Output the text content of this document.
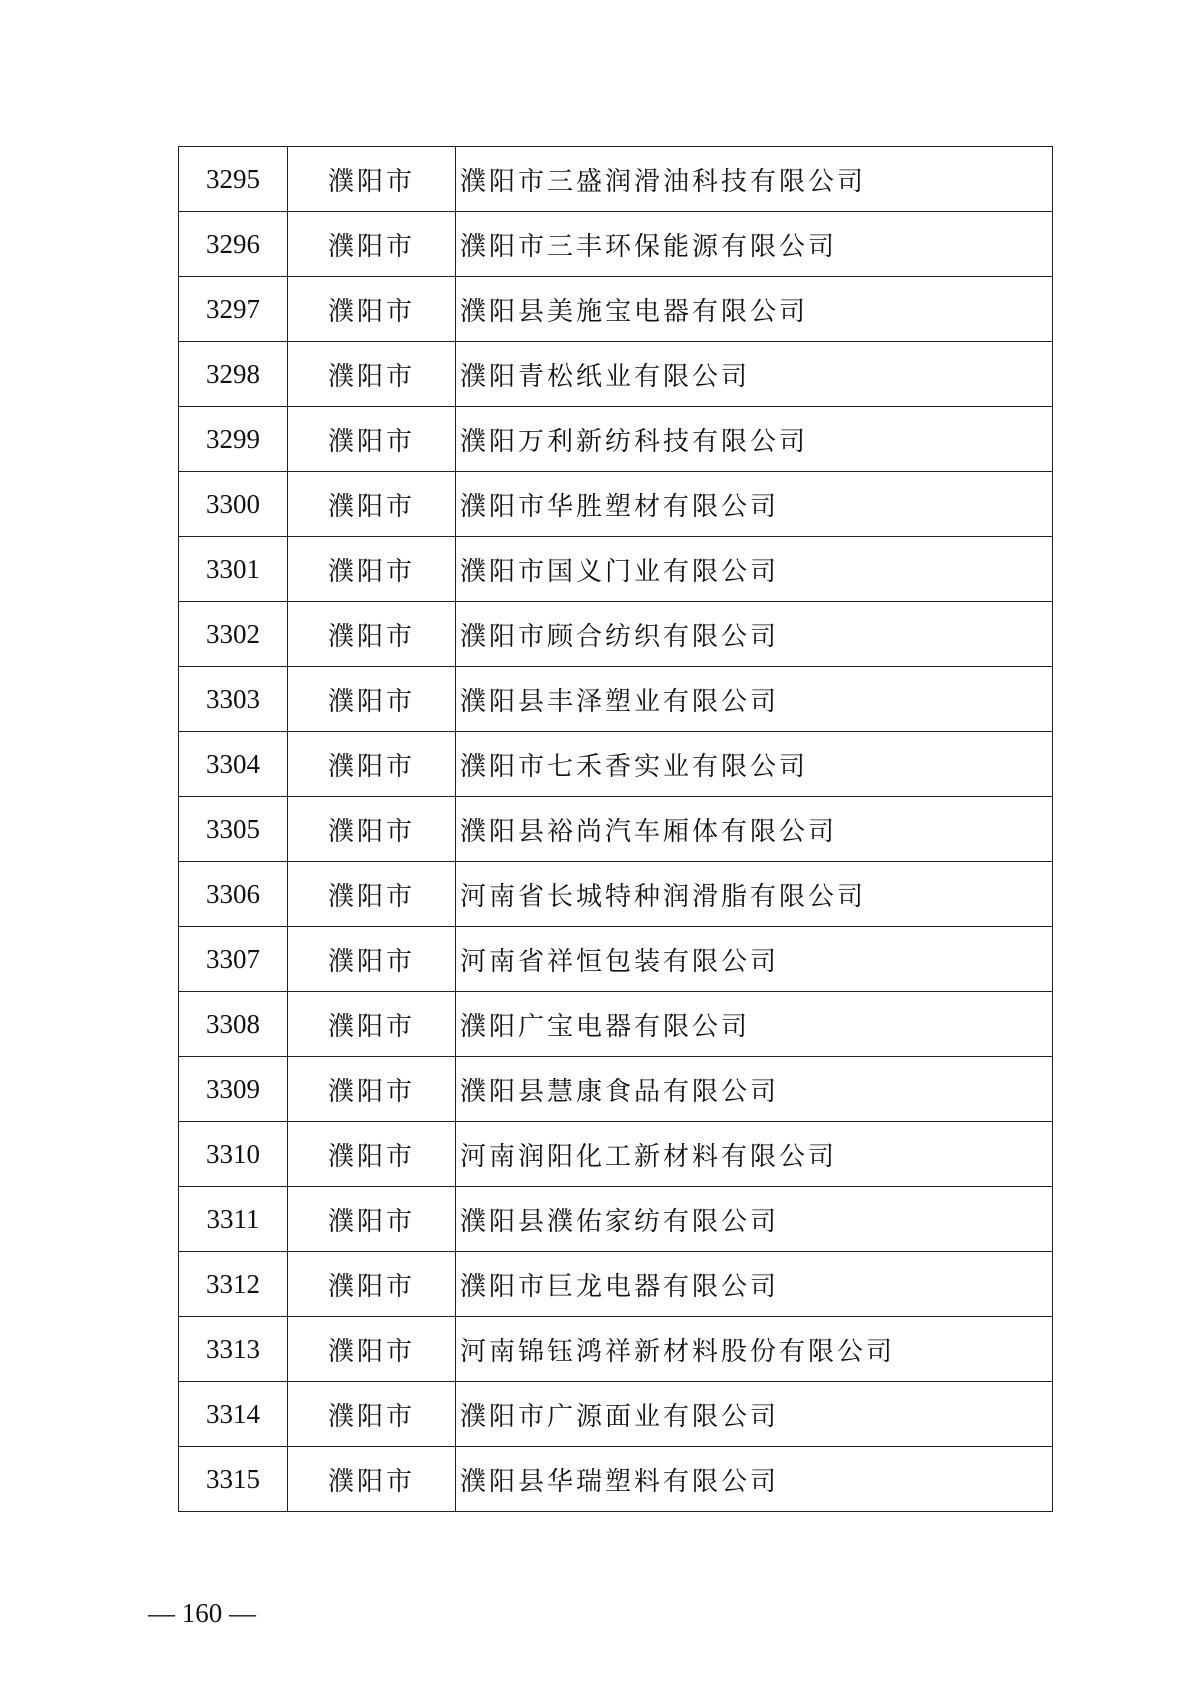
3295	濮阳市	濮阳市三盛润滑油科技有限公司
3296	濮阳市	濮阳市三丰环保能源有限公司
3297	濮阳市	濮阳县美施宝电器有限公司
3298	濮阳市	濮阳青松纸业有限公司
3299	濮阳市	濮阳万利新纺科技有限公司
3300	濮阳市	濮阳市华胜塑材有限公司
3301	濮阳市	濮阳市国义门业有限公司
3302	濮阳市	濮阳市顾合纺织有限公司
3303	濮阳市	濮阳县丰泽塑业有限公司
3304	濮阳市	濮阳市七禾香实业有限公司
3305	濮阳市	濮阳县裕尚汽车厢体有限公司
3306	濮阳市	河南省长城特种润滑脂有限公司
3307	濮阳市	河南省祥恒包装有限公司
3308	濮阳市	濮阳广宝电器有限公司
3309	濮阳市	濮阳县慧康食品有限公司
3310	濮阳市	河南润阳化工新材料有限公司
3311	濮阳市	濮阳县濮佑家纺有限公司
3312	濮阳市	濮阳市巨龙电器有限公司
3313	濮阳市	河南锦钰鸿祥新材料股份有限公司
3314	濮阳市	濮阳市广源面业有限公司
3315	濮阳市	濮阳县华瑞塑料有限公司
— 160 —
